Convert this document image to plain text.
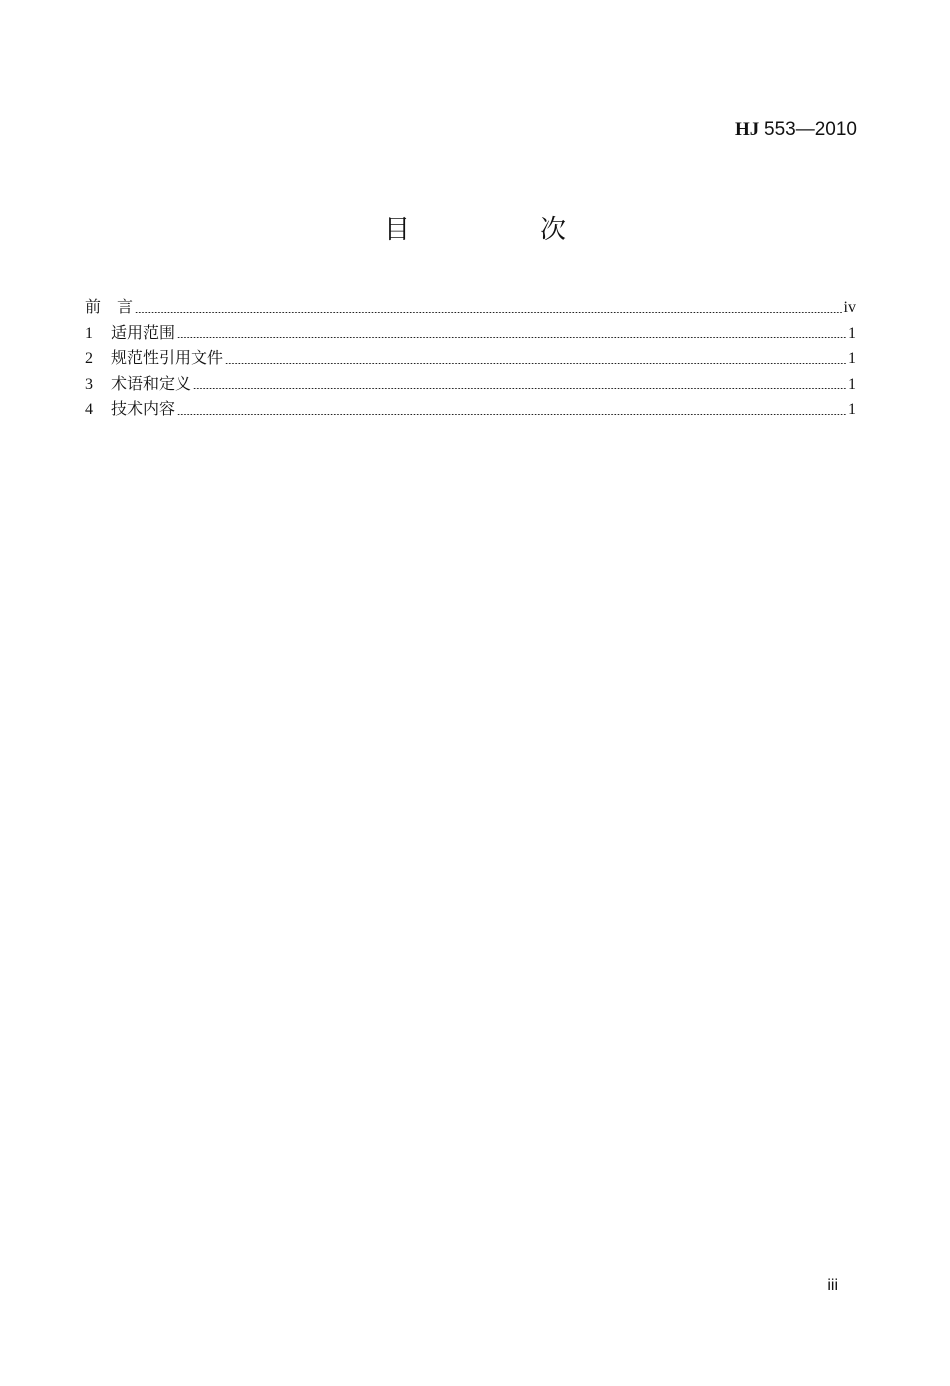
HJ 553—2010
目　次
前　言	iv
1	适用范围	1
2	规范性引用文件	1
3	术语和定义	1
4	技术内容	1
iii
